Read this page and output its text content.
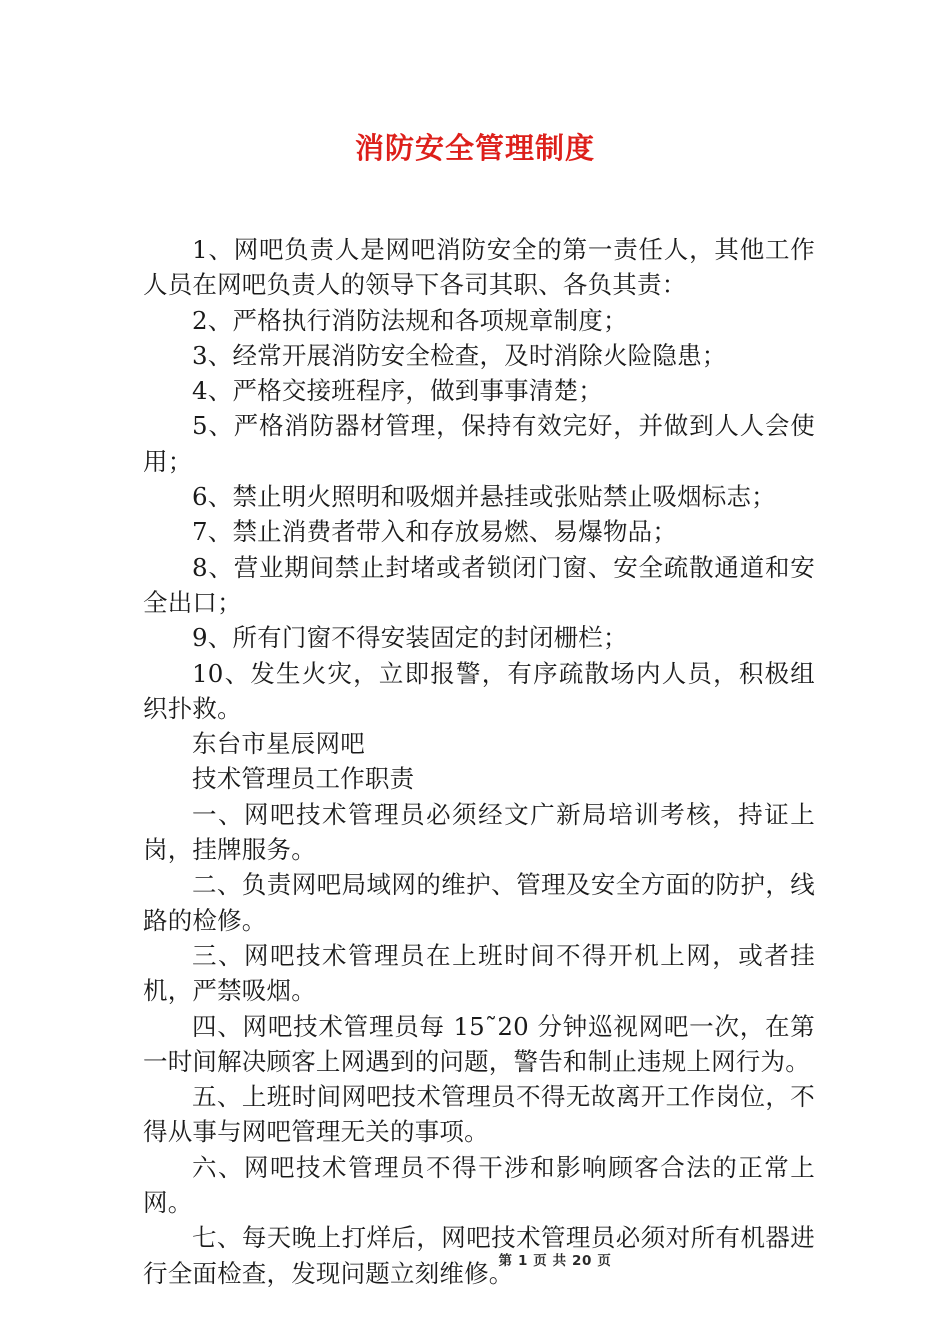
消防安全管理制度

1、网吧负责人是网吧消防安全的第一责任人，其他工作人员在网吧负责人的领导下各司其职、各负其责：

2、严格执行消防法规和各项规章制度；

3、经常开展消防安全检查，及时消除火险隐患；

4、严格交接班程序，做到事事清楚；

5、严格消防器材管理，保持有效完好，并做到人人会使用；

6、禁止明火照明和吸烟并悬挂或张贴禁止吸烟标志；

7、禁止消费者带入和存放易燃、易爆物品；

8、营业期间禁止封堵或者锁闭门窗、安全疏散通道和安全出口；

9、所有门窗不得安装固定的封闭栅栏；

10、发生火灾，立即报警，有序疏散场内人员，积极组织扑救。

东台市星辰网吧

技术管理员工作职责

一、网吧技术管理员必须经文广新局培训考核，持证上岗，挂牌服务。

二、负责网吧局域网的维护、管理及安全方面的防护，线路的检修。

三、网吧技术管理员在上班时间不得开机上网，或者挂机，严禁吸烟。

四、网吧技术管理员每 15˜20 分钟巡视网吧一次，在第一时间解决顾客上网遇到的问题，警告和制止违规上网行为。

五、上班时间网吧技术管理员不得无故离开工作岗位，不得从事与网吧管理无关的事项。

六、网吧技术管理员不得干涉和影响顾客合法的正常上网。

七、每天晚上打烊后，网吧技术管理员必须对所有机器进行全面检查，发现问题立刻维修。

第 1 页 共 20 页
